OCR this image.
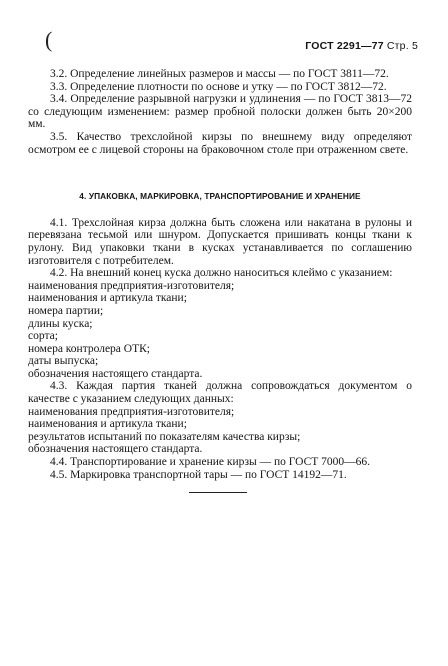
(	ГОСТ 2291—77 Стр. 5

3.2. Определение линейных размеров и массы — по ГОСТ 3811—72.

3.3. Определение плотности по основе и утку — по ГОСТ 3812—72.

3.4. Определение разрывной нагрузки и удлинения — по ГОСТ 3813—72 со следующим изменением: размер пробной полоски должен быть 20×200 мм.

3.5. Качество трехслойной кирзы по внешнему виду определяют осмотром ее с лицевой стороны на браковочном столе при отраженном свете.

4. УПАКОВКА, МАРКИРОВКА, ТРАНСПОРТИРОВАНИЕ И ХРАНЕНИЕ

4.1. Трехслойная кирза должна быть сложена или накатана в рулоны и перевязана тесьмой или шнуром. Допускается пришивать концы ткани к рулону. Вид упаковки ткани в кусках устанавливается по соглашению изготовителя с потребителем.

4.2. На внешний конец куска должно наноситься клеймо с указанием:

наименования предприятия-изготовителя;
наименования и артикула ткани;
номера партии;
длины куска;
сорта;
номера контролера ОТК;
даты выпуска;
обозначения настоящего стандарта.

4.3. Каждая партия тканей должна сопровождаться документом о качестве с указанием следующих данных:

наименования предприятия-изготовителя;
наименования и артикула ткани;
результатов испытаний по показателям качества кирзы;
обозначения настоящего стандарта.

4.4. Транспортирование и хранение кирзы — по ГОСТ 7000—66.

4.5. Маркировка транспортной тары — по ГОСТ 14192—71.
